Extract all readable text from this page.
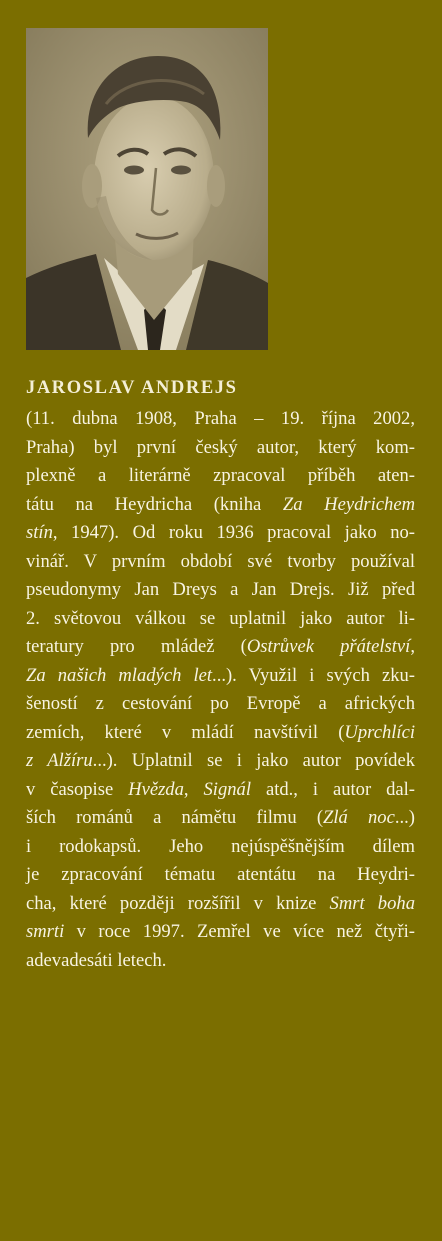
JAROSLAV ANDREJS
(11. dubna 1908, Praha – 19. října 2002,
Praha) byl první český autor, který kom-
plexně a literárně zpracoval příběh aten-
tátu na Heydricha (kniha Za Heydrichem
stín, 1947). Od roku 1936 pracoval jako no-
vinář. V prvním období své tvorby používal
pseudonymy Jan Dreys a Jan Drejs. Již před
2. světovou válkou se uplatnil jako autor li-
teratury pro mládež (Ostrůvek přátelství,
Za našich mladých let...). Využil i svých zku-
šeností z cestování po Evropě a afrických
zemích, které v mládí navštívil (Uprchlíci
z Alžíru...). Uplatnil se i jako autor povídek
v časopise Hvězda, Signál atd., i autor dal-
ších románů a námětu filmu (Zlá noc...)
i rodokapsů. Jeho nejúspěšnějším dílem
je zpracování tématu atentátu na Heydri-
cha, které později rozšířil v knize Smrt boha
smrti v roce 1997. Zemřel ve více než čtyři-
adevadesáti letech.
